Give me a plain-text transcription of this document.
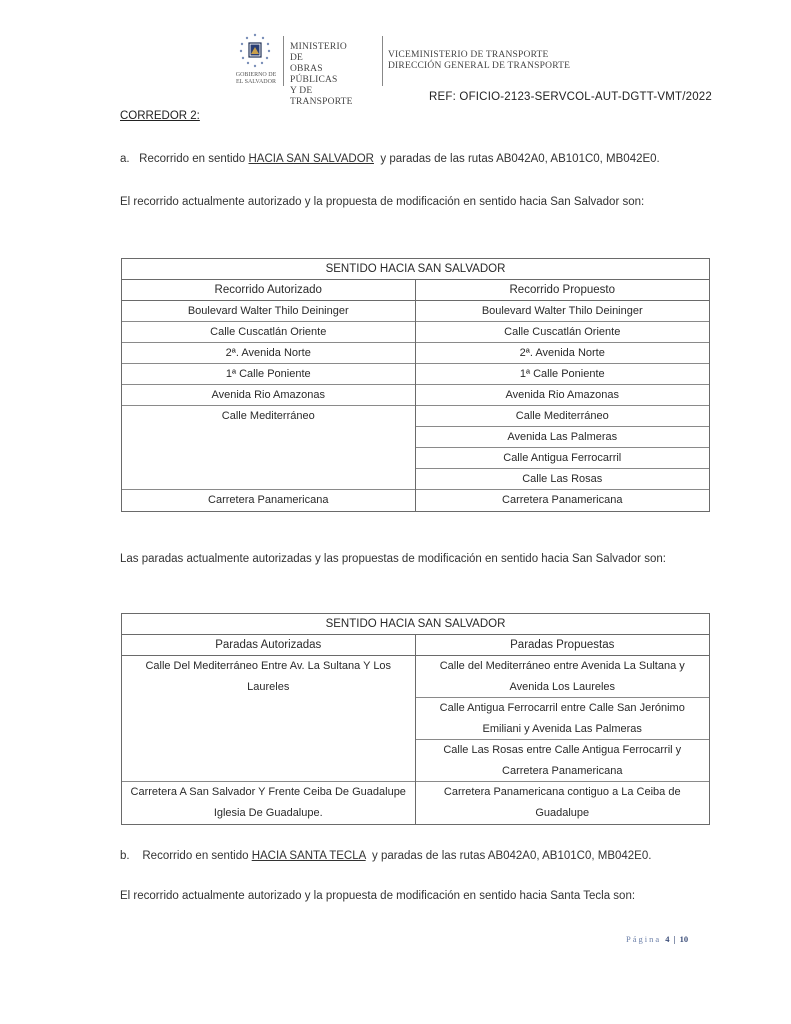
GOBIERNO DE EL SALVADOR
MINISTERIO DE
OBRAS PÚBLICAS
Y DE TRANSPORTE
VICEMINISTERIO DE TRANSPORTE
DIRECCIÓN GENERAL DE TRANSPORTE
REF: OFICIO-2123-SERVCOL-AUT-DGTT-VMT/2022
CORREDOR 2:
a.   Recorrido en sentido HACIA SAN SALVADOR  y paradas de las rutas AB042A0, AB101C0, MB042E0.
El recorrido actualmente autorizado y la propuesta de modificación en sentido hacia San Salvador son:
SENTIDO HACIA SAN SALVADOR
Recorrido Autorizado
Boulevard Walter Thilo Deininger
Calle Cuscatlán Oriente
2ª. Avenida Norte
1ª Calle Poniente
Avenida Rio Amazonas
Calle Mediterráneo
Carretera Panamericana
Recorrido Propuesto
Boulevard Walter Thilo Deininger
Calle Cuscatlán Oriente
2ª. Avenida Norte
1ª Calle Poniente
Avenida Rio Amazonas
Calle Mediterráneo
Avenida Las Palmeras
Calle Antigua Ferrocarril
Calle Las Rosas
Carretera Panamericana
Las paradas actualmente autorizadas y las propuestas de modificación en sentido hacia San Salvador son:
SENTIDO HACIA SAN SALVADOR
Paradas Autorizadas
Calle Del Mediterráneo Entre Av. La Sultana Y Los
Laureles
Carretera A San Salvador Y Frente Ceiba De Guadalupe
Iglesia De Guadalupe.
Paradas Propuestas
Calle del Mediterráneo entre Avenida La Sultana y
Avenida Los Laureles
Calle Antigua Ferrocarril entre Calle San Jerónimo
Emiliani y Avenida Las Palmeras
Calle Las Rosas entre Calle Antigua Ferrocarril y
Carretera Panamericana
Carretera Panamericana contiguo a La Ceiba de
Guadalupe
b.    Recorrido en sentido HACIA SANTA TECLA  y paradas de las rutas AB042A0, AB101C0, MB042E0.
El recorrido actualmente autorizado y la propuesta de modificación en sentido hacia Santa Tecla son:
Página 4 | 10
